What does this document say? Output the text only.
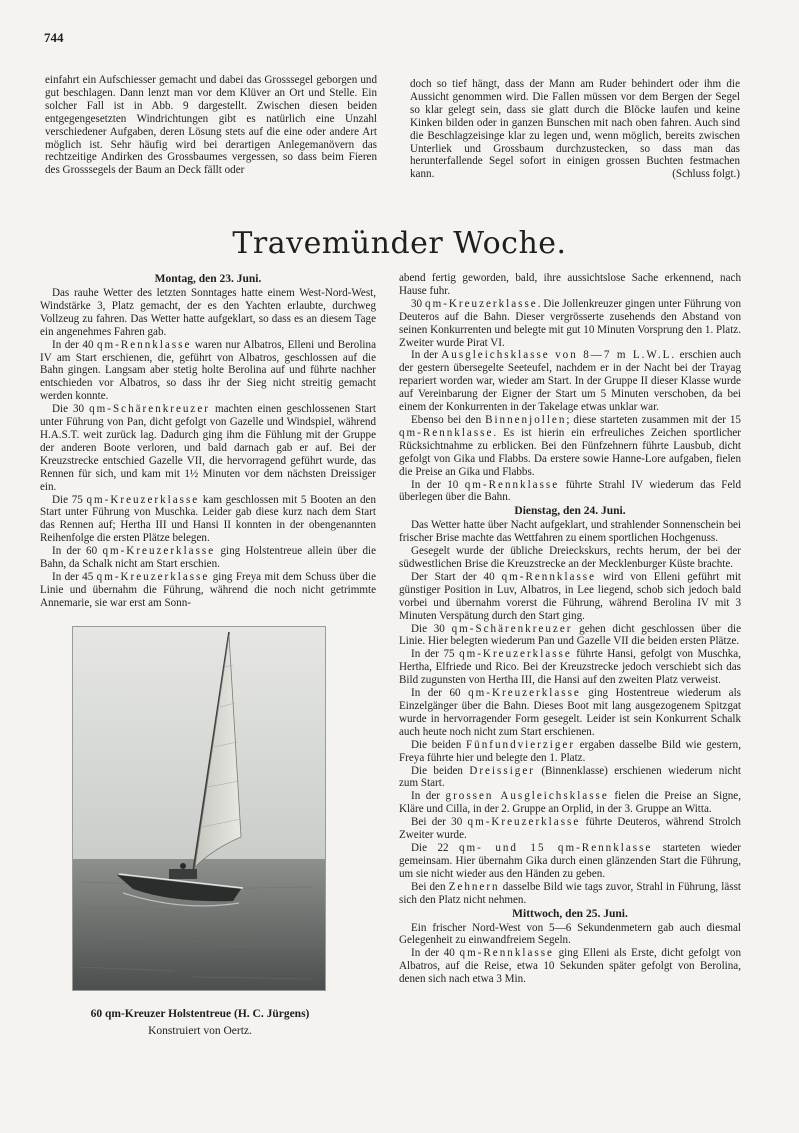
744

einfahrt ein Aufschiesser gemacht und dabei das Grosssegel geborgen und gut beschlagen. Dann lenzt man vor dem Klüver an Ort und Stelle. Ein solcher Fall ist in Abb. 9 dargestellt. Zwischen diesen beiden entgegengesetzten Windrichtungen gibt es natürlich eine Unzahl verschiedener Aufgaben, deren Lösung stets auf die eine oder andere Art möglich ist. Sehr häufig wird bei derartigen Anlegemanövern das rechtzeitige Andirken des Grossbaumes vergessen, so dass beim Fieren des Grosssegels der Baum an Deck fällt oder

doch so tief hängt, dass der Mann am Ruder behindert oder ihm die Aussicht genommen wird. Die Fallen müssen vor dem Bergen der Segel so klar gelegt sein, dass sie glatt durch die Blöcke laufen und keine Kinken bilden oder in ganzen Bunschen mit nach oben fahren. Auch sind die Beschlagzeisinge klar zu legen und, wenn möglich, bereits zwischen Unterliek und Grossbaum durchzustecken, so dass man das herunterfallende Segel sofort in einigen grossen Buchten festmachen kann.	(Schluss folgt.)

Travemünder Woche.
Montag, den 23. Juni.

Das rauhe Wetter des letzten Sonntages hatte einem West-Nord-West, Windstärke 3, Platz gemacht, der es den Yachten erlaubte, durchweg Vollzeug zu fahren. Das Wetter hatte aufgeklart, so dass es an diesem Tage ein angenehmes Fahren gab.

In der 40 qm-Rennklasse waren nur Albatros, Elleni und Berolina IV am Start erschienen, die, geführt von Albatros, geschlossen auf die Bahn gingen. Langsam aber stetig holte Berolina auf und führte nachher entschieden vor Albatros, so dass ihr der Sieg nicht streitig gemacht werden konnte.

Die 30 qm-Schärenkreuzer machten einen geschlossenen Start unter Führung von Pan, dicht gefolgt von Gazelle und Windspiel, während H.A.S.T. weit zurück lag. Dadurch ging ihm die Fühlung mit der Gruppe der anderen Boote verloren, und bald darnach gab er auf. Bei der Kreuzstrecke entschied Gazelle VII, die hervorragend geführt wurde, das Rennen für sich, und kam mit 1½ Minuten vor dem nächsten Dreissiger ein.

Die 75 qm-Kreuzerklasse kam geschlossen mit 5 Booten an den Start unter Führung von Muschka. Leider gab diese kurz nach dem Start das Rennen auf; Hertha III und Hansi II konnten in der obengenannten Reihenfolge die ersten Plätze belegen.

In der 60 qm-Kreuzerklasse ging Holstentreue allein über die Bahn, da Schalk nicht am Start erschien.

In der 45 qm-Kreuzerklasse ging Freya mit dem Schuss über die Linie und übernahm die Führung, während die noch nicht getrimmte Annemarie, sie war erst am Sonn-

60 qm-Kreuzer Holstentreue (H. C. Jürgens)
Konstruiert von Oertz.

abend fertig geworden, bald, ihre aussichtslose Sache erkennend, nach Hause fuhr.

30 qm-Kreuzerklasse. Die Jollenkreuzer gingen unter Führung von Deuteros auf die Bahn. Dieser vergrösserte zusehends den Abstand von seinen Konkurrenten und belegte mit gut 10 Minuten Vorsprung den 1. Platz. Zweiter wurde Pirat VI.

In der Ausgleichsklasse von 8—7 m L.W.L. erschien auch der gestern übersegelte Seeteufel, nachdem er in der Nacht bei der Trayag repariert worden war, wieder am Start. In der Gruppe II dieser Klasse wurde auf Vereinbarung der Eigner der Start um 5 Minuten verschoben, da bei einem der Konkurrenten in der Takelage etwas unklar war.

Ebenso bei den Binnenjollen; diese starteten zusammen mit der 15 qm-Rennklasse. Es ist hierin ein erfreuliches Zeichen sportlicher Rücksichtnahme zu erblicken. Bei den Fünfzehnern führte Lausbub, dicht gefolgt von Gika und Flabbs. Da erstere sowie Hanne-Lore aufgaben, fielen die Preise an Gika und Flabbs.

In der 10 qm-Rennklasse führte Strahl IV wiederum das Feld überlegen über die Bahn.

Dienstag, den 24. Juni.

Das Wetter hatte über Nacht aufgeklart, und strahlender Sonnenschein bei frischer Brise machte das Wettfahren zu einem sportlichen Hochgenuss.

Gesegelt wurde der übliche Dreieckskurs, rechts herum, der bei der südwestlichen Brise die Kreuzstrecke an der Mecklenburger Küste brachte.

Der Start der 40 qm-Rennklasse wird von Elleni geführt mit günstiger Position in Luv, Albatros, in Lee liegend, schob sich jedoch bald vorbei und übernahm vorerst die Führung, während Berolina IV mit 3 Minuten Verspätung durch den Start ging.

Die 30 qm-Schärenkreuzer gehen dicht geschlossen über die Linie. Hier belegten wiederum Pan und Gazelle VII die beiden ersten Plätze.

In der 75 qm-Kreuzerklasse führte Hansi, gefolgt von Muschka, Hertha, Elfriede und Rico. Bei der Kreuzstrecke jedoch verschiebt sich das Bild zugunsten von Hertha III, die Hansi auf den zweiten Platz verweist.

In der 60 qm-Kreuzerklasse ging Hostentreue wiederum als Einzelgänger über die Bahn. Dieses Boot mit lang ausgezogenem Spitzgat wurde in hervorragender Form gesegelt. Leider ist sein Konkurrent Schalk auch heute noch nicht zum Start erschienen.

Die beiden Fünfundvierziger ergaben dasselbe Bild wie gestern, Freya führte hier und belegte den 1. Platz.

Die beiden Dreissiger (Binnenklasse) erschienen wiederum nicht zum Start.

In der grossen Ausgleichsklasse fielen die Preise an Signe, Kläre und Cilla, in der 2. Gruppe an Orplid, in der 3. Gruppe an Witta.

Bei der 30 qm-Kreuzerklasse führte Deuteros, während Strolch Zweiter wurde.

Die 22 qm- und 15 qm-Rennklasse starteten wieder gemeinsam. Hier übernahm Gika durch einen glänzenden Start die Führung, um sie nicht wieder aus den Händen zu geben.

Bei den Zehnern dasselbe Bild wie tags zuvor, Strahl in Führung, lässt sich den Platz nicht nehmen.

Mittwoch, den 25. Juni.

Ein frischer Nord-West von 5—6 Sekundenmetern gab auch diesmal Gelegenheit zu einwandfreiem Segeln.

In der 40 qm-Rennklasse ging Elleni als Erste, dicht gefolgt von Albatros, auf die Reise, etwa 10 Sekunden später gefolgt von Berolina, denen sich nach etwa 3 Min.
